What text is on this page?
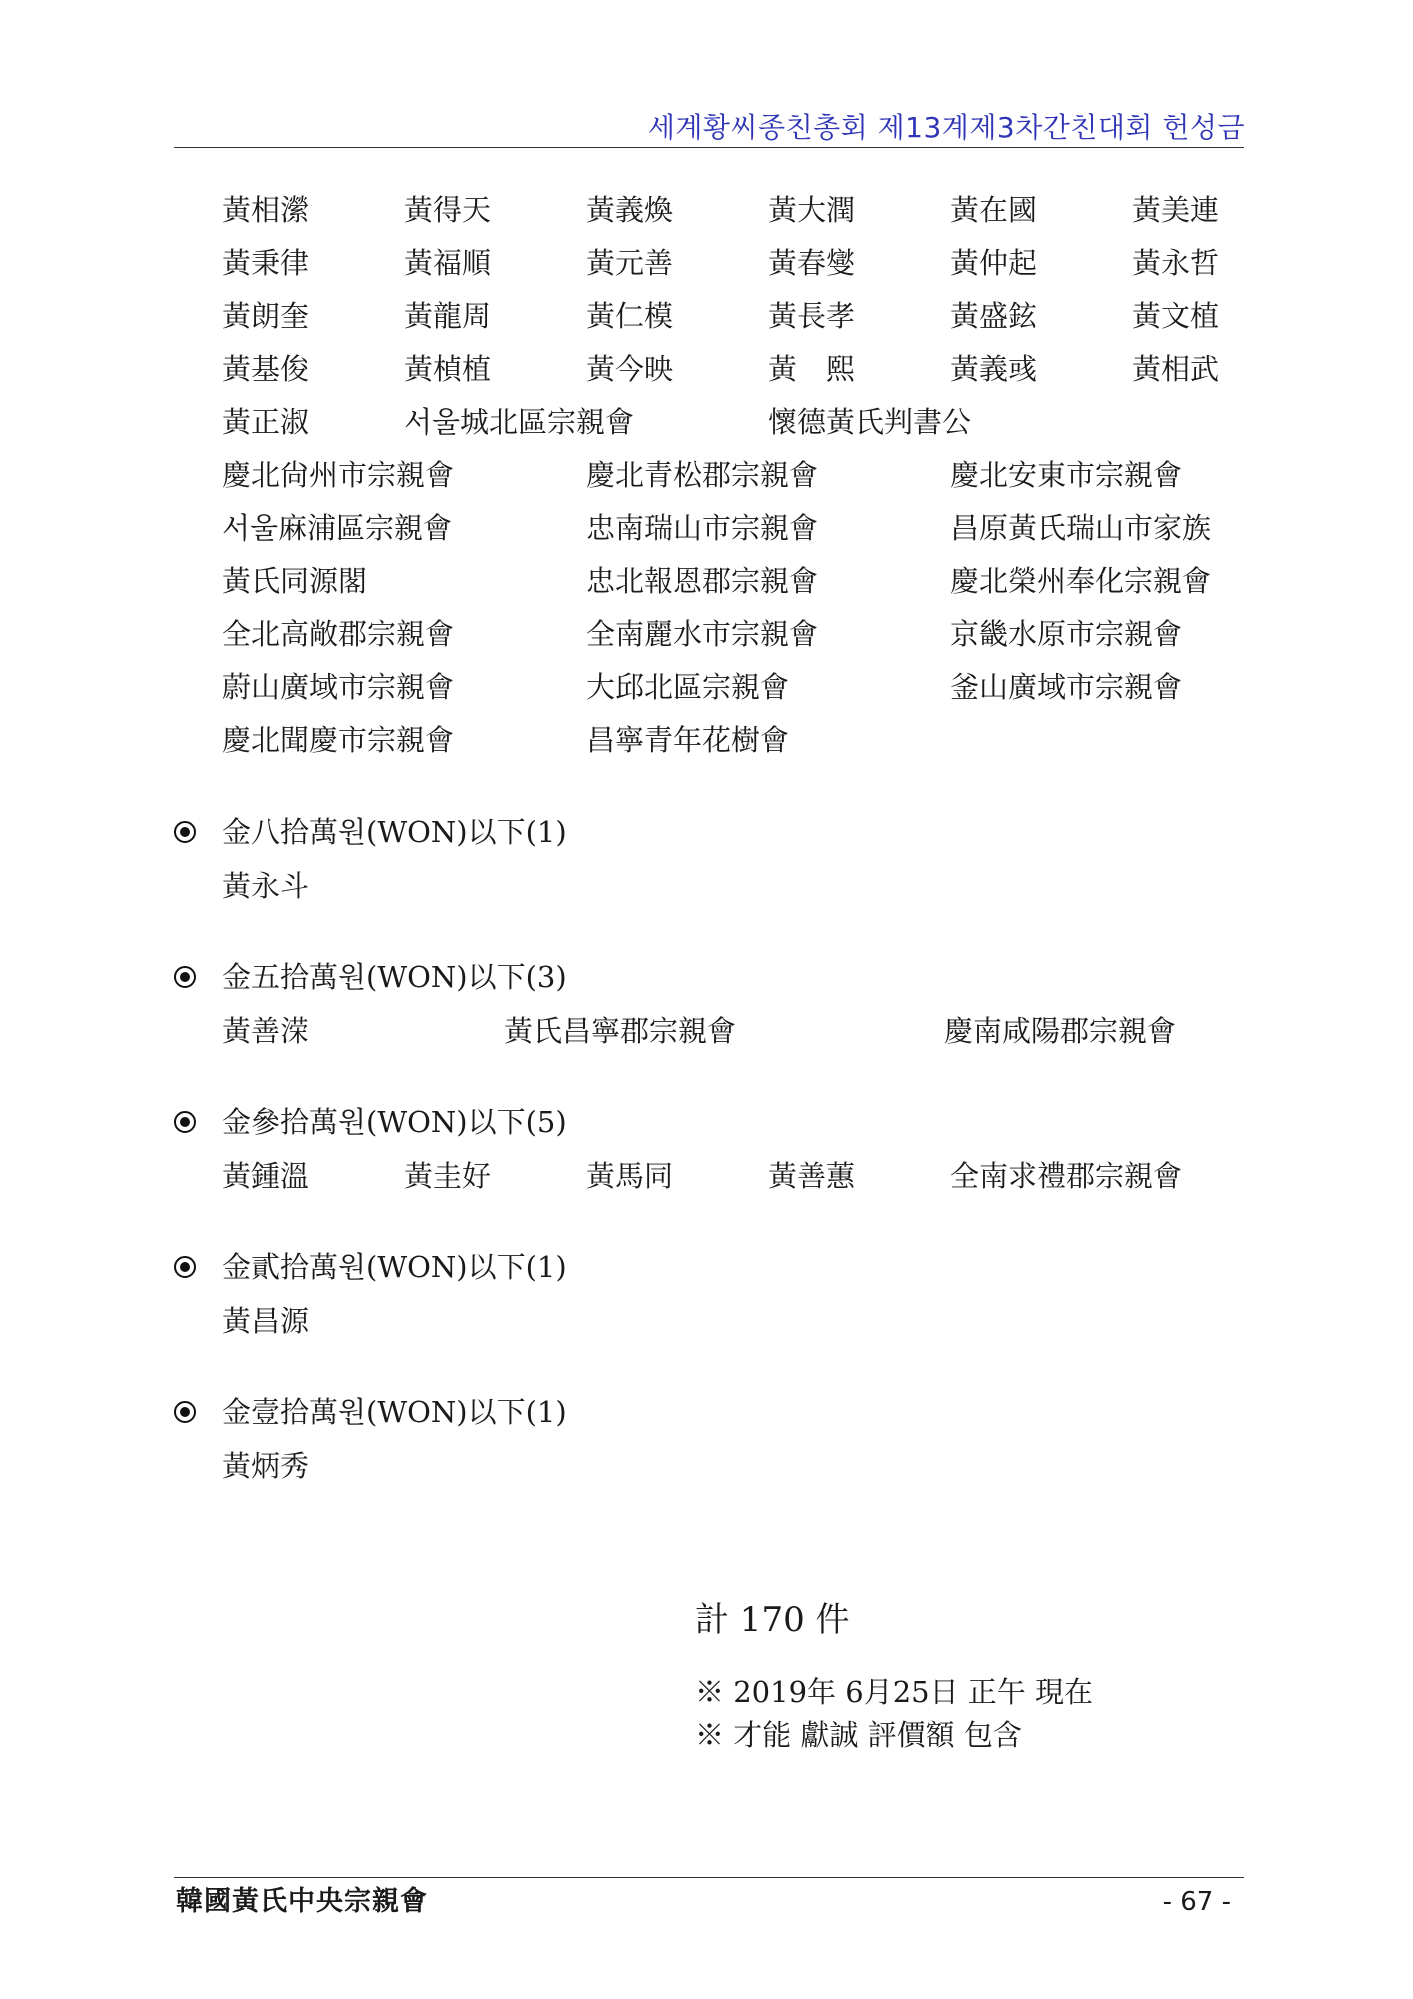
세계황씨종친총회 제13계제3차간친대회 헌성금
黃相瀠	黃得天	黃義煥	黃大潤	黃在國	黃美連
黃秉律	黃福順	黃元善	黃春燮	黃仲起	黃永哲
黃朗奎	黃龍周	黃仁模	黃長孝	黃盛鉉	黃文植
黃基俊	黃楨植	黃今映	黃　熙	黃義彧	黃相武
黃正淑	서울城北區宗親會	懷德黃氏判書公
慶北尙州市宗親會	慶北青松郡宗親會	慶北安東市宗親會
서울麻浦區宗親會	忠南瑞山市宗親會	昌原黃氏瑞山市家族
黃氏同源閣	忠北報恩郡宗親會	慶北榮州奉化宗親會
全北高敞郡宗親會	全南麗水市宗親會	京畿水原市宗親會
蔚山廣域市宗親會	大邱北區宗親會	釜山廣域市宗親會
慶北聞慶市宗親會	昌寧青年花樹會
金八拾萬원(WON)以下(1)
黃永斗
金五拾萬원(WON)以下(3)
黃善溁	黃氏昌寧郡宗親會	慶南咸陽郡宗親會
金參拾萬원(WON)以下(5)
黃鍾溫	黃圭好	黃馬同	黃善蕙	全南求禮郡宗親會
金貳拾萬원(WON)以下(1)
黃昌源
金壹拾萬원(WON)以下(1)
黃炳秀
計 170 件
※ 2019年 6月25日 正午 現在
※ 才能 獻誠 評價額 包含
韓國黃氏中央宗親會	- 67 -
